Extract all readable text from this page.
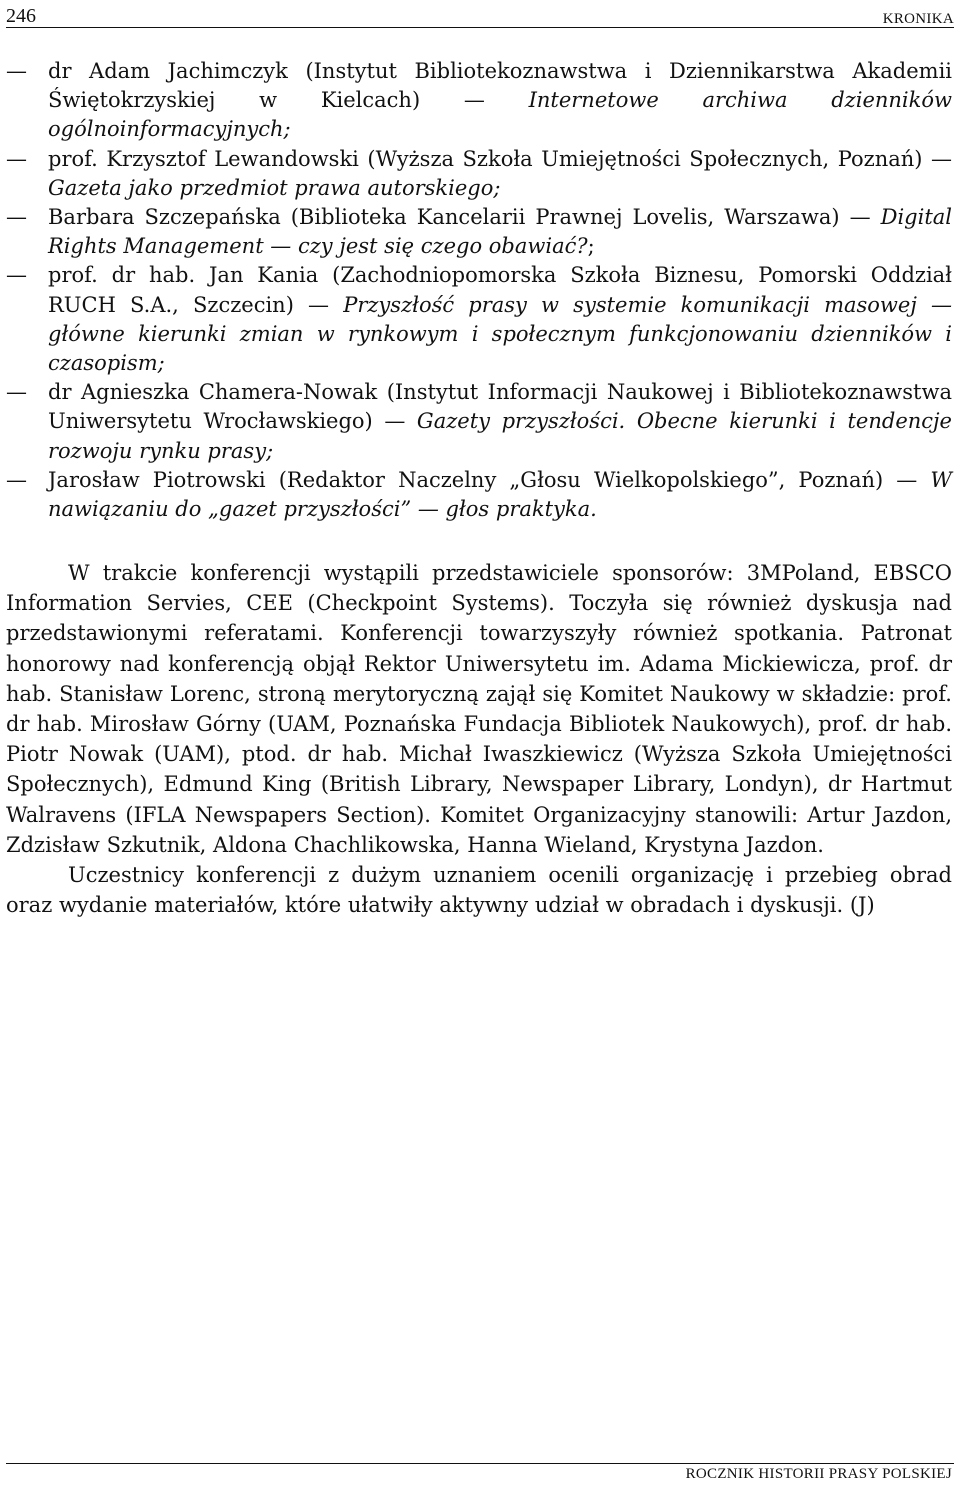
246	KRONIKA
— dr Adam Jachimczyk (Instytut Bibliotekoznawstwa i Dziennikarstwa Akademii Świętokrzyskiej w Kielcach) — Internetowe archiwa dzienników ogólnoinformacyjnych;
— prof. Krzysztof Lewandowski (Wyższa Szkoła Umiejętności Społecznych, Poznań) — Gazeta jako przedmiot prawa autorskiego;
— Barbara Szczepańska (Biblioteka Kancelarii Prawnej Lovelis, Warszawa) — Digital Rights Management — czy jest się czego obawiać?;
— prof. dr hab. Jan Kania (Zachodniopomorska Szkoła Biznesu, Pomorski Oddział RUCH S.A., Szczecin) — Przyszłość prasy w systemie komunikacji masowej — główne kierunki zmian w rynkowym i społecznym funkcjonowaniu dzienników i czasopism;
— dr Agnieszka Chamera-Nowak (Instytut Informacji Naukowej i Bibliotekoznawstwa Uniwersytetu Wrocławskiego) — Gazety przyszłości. Obecne kierunki i tendencje rozwoju rynku prasy;
— Jarosław Piotrowski (Redaktor Naczelny „Głosu Wielkopolskiego”, Poznań) — W nawiązaniu do „gazet przyszłości” — głos praktyka.

W trakcie konferencji wystąpili przedstawiciele sponsorów: 3MPoland, EBSCO Information Servies, CEE (Checkpoint Systems). Toczyła się również dyskusja nad przedstawionymi referatami. Konferencji towarzyszyły również spotkania. Patronat honorowy nad konferencją objął Rektor Uniwersytetu im. Adama Mickiewicza, prof. dr hab. Stanisław Lorenc, stroną merytoryczną zajął się Komitet Naukowy w składzie: prof. dr hab. Mirosław Górny (UAM, Poznańska Fundacja Bibliotek Naukowych), prof. dr hab. Piotr Nowak (UAM), ptod. dr hab. Michał Iwaszkiewicz (Wyższa Szkoła Umiejętności Społecznych), Edmund King (British Library, Newspaper Library, Londyn), dr Hartmut Walravens (IFLA Newspapers Section). Komitet Organizacyjny stanowili: Artur Jazdon, Zdzisław Szkutnik, Aldona Chachlikowska, Hanna Wieland, Krystyna Jazdon.

Uczestnicy konferencji z dużym uznaniem ocenili organizację i przebieg obrad oraz wydanie materiałów, które ułatwiły aktywny udział w obradach i dyskusji. (J)

ROCZNIK HISTORII PRASY POLSKIEJ
